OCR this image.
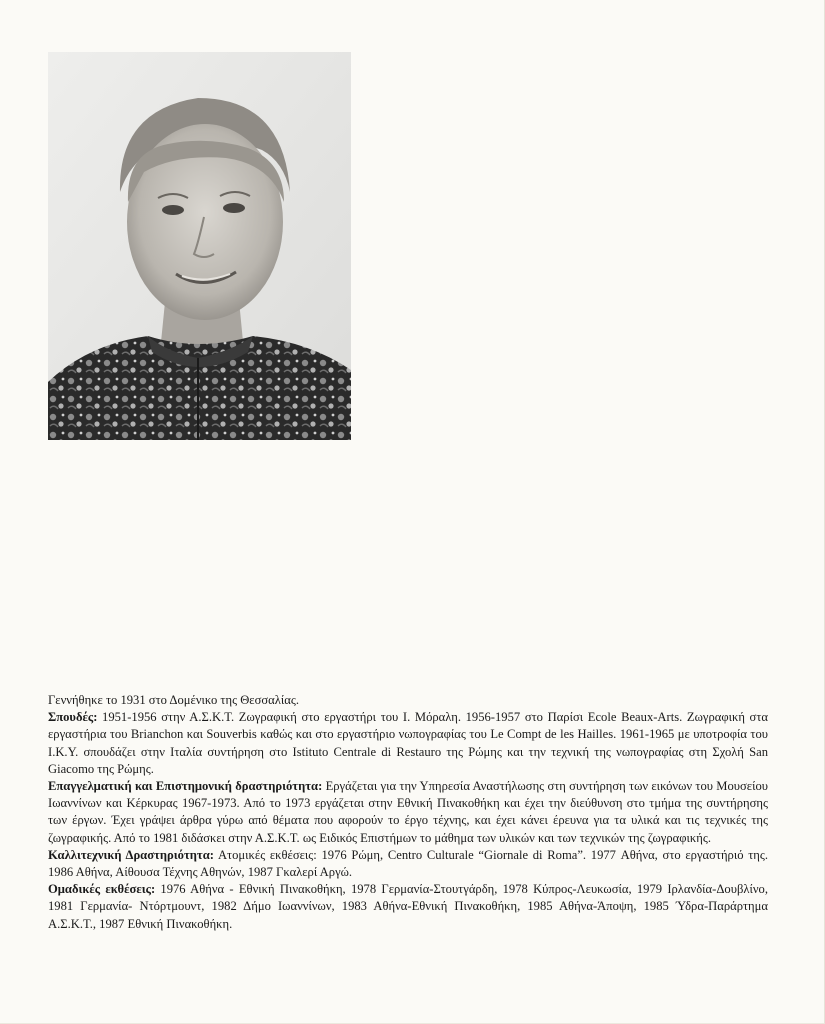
Γεννήθηκε το 1931 στο Δομένικο της Θεσσαλίας.

Σπουδές: 1951-1956 στην Α.Σ.Κ.Τ. Ζωγραφική στο εργαστήρι του Ι. Μόραλη. 1956-1957 στο Παρίσι Ecole Beaux-Arts. Ζωγραφική στα εργαστήρια του Brianchon και Souverbis καθώς και στο εργαστήριο νωπογραφίας του Le Compt de les Hailles. 1961-1965 με υποτροφία του Ι.Κ.Υ. σπουδάζει στην Ιταλία συντήρηση στο Istituto Centrale di Restauro της Ρώμης και την τεχνική της νωπογραφίας στη Σχολή San Giacomo της Ρώμης.

Επαγγελματική και Επιστημονική δραστηριότητα: Εργάζεται για την Υπηρεσία Αναστήλωσης στη συντήρηση των εικόνων του Μουσείου Ιωαννίνων και Κέρκυρας 1967-1973. Από το 1973 εργάζεται στην Εθνική Πινακοθήκη και έχει την διεύθυνση στο τμήμα της συντήρησης των έργων. Έχει γράψει άρθρα γύρω από θέματα που αφορούν το έργο τέχνης, και έχει κάνει έρευνα για τα υλικά και τις τεχνικές της ζωγραφικής. Από το 1981 διδάσκει στην Α.Σ.Κ.Τ. ως Ειδικός Επιστήμων το μάθημα των υλικών και των τεχνικών της ζωγραφικής.

Καλλιτεχνική Δραστηριότητα: Ατομικές εκθέσεις: 1976 Ρώμη, Centro Culturale “Giornale di Roma”. 1977 Αθήνα, στο εργαστήριό της. 1986 Αθήνα, Αίθουσα Τέχνης Αθηνών, 1987 Γκαλερί Αργώ.

Ομαδικές εκθέσεις: 1976 Αθήνα - Εθνική Πινακοθήκη, 1978 Γερμανία-Στουτγάρδη, 1978 Κύπρος-Λευκωσία, 1979 Ιρλανδία-Δουβλίνο, 1981 Γερμανία- Ντόρτμουντ, 1982 Δήμο Ιωαννίνων, 1983 Αθήνα-Εθνική Πινακοθήκη, 1985 Αθήνα-Άποψη, 1985 Ύδρα-Παράρτημα Α.Σ.Κ.Τ., 1987 Εθνική Πινακοθήκη.
